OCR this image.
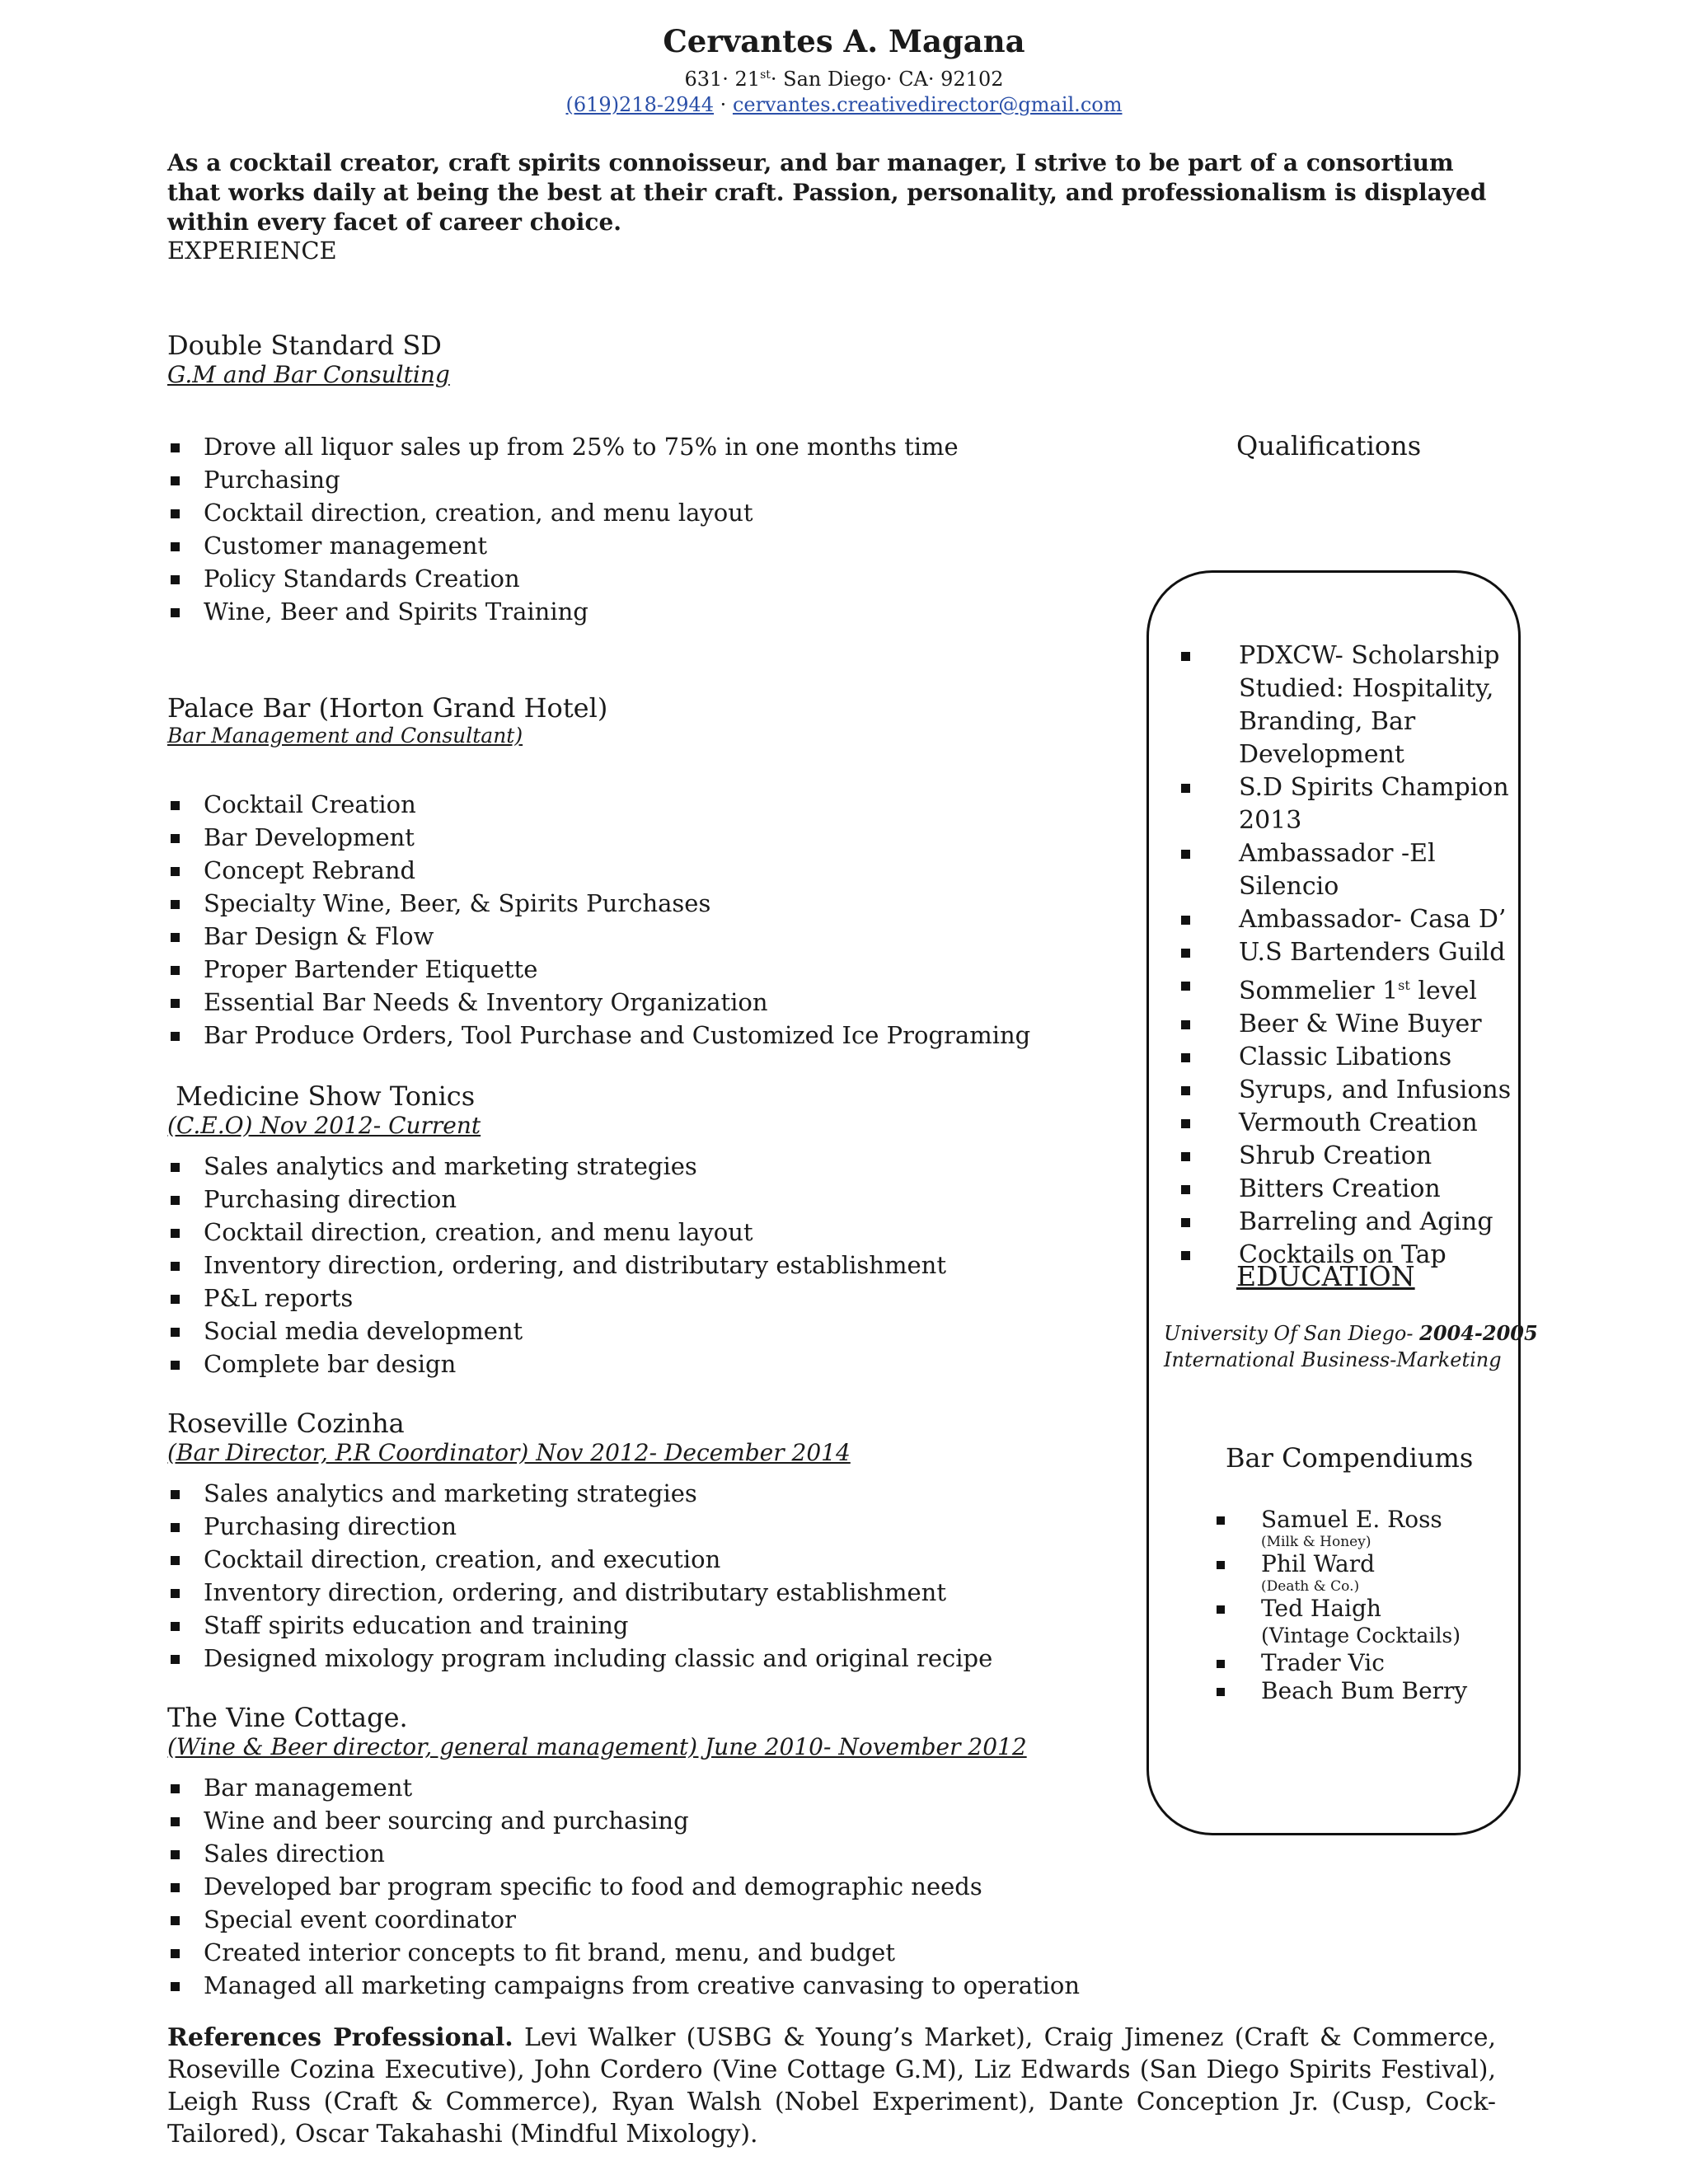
Cervantes A. Magana
631· 21st· San Diego· CA· 92102
(619)218-2944 · cervantes.creativedirector@gmail.com
As a cocktail creator, craft spirits connoisseur, and bar manager, I strive to be part of a consortium that works daily at being the best at their craft. Passion, personality, and professionalism is displayed within every facet of career choice.
EXPERIENCE
Double Standard SD
G.M and Bar Consulting
Drove all liquor sales up from 25% to 75% in one months time
Purchasing
Cocktail direction, creation, and menu layout
Customer management
Policy Standards Creation
Wine, Beer and Spirits Training
Palace Bar (Horton Grand Hotel)
Bar Management and Consultant)
Cocktail Creation
Bar Development
Concept Rebrand
Specialty Wine, Beer, & Spirits Purchases
Bar Design & Flow
Proper Bartender Etiquette
Essential Bar Needs & Inventory Organization
Bar Produce Orders, Tool Purchase and Customized Ice Programing
Medicine Show Tonics
(C.E.O) Nov 2012- Current
Sales analytics and marketing strategies
Purchasing direction
Cocktail direction, creation, and menu layout
Inventory direction, ordering, and distributary establishment
P&L reports
Social media development
Complete bar design
Roseville Cozinha
(Bar Director, P.R Coordinator) Nov 2012- December 2014
Sales analytics and marketing strategies
Purchasing direction
Cocktail direction, creation, and execution
Inventory direction, ordering, and distributary establishment
Staff spirits education and training
Designed mixology program including classic and original recipe
The Vine Cottage.
(Wine & Beer director, general management) June 2010- November 2012
Bar management
Wine and beer sourcing and purchasing
Sales direction
Developed bar program specific to food and demographic needs
Special event coordinator
Created interior concepts to fit brand, menu, and budget
Managed all marketing campaigns from creative canvasing to operation
Qualifications
PDXCW- Scholarship Studied: Hospitality, Branding, Bar Development
S.D Spirits Champion 2013
Ambassador -El Silencio
Ambassador- Casa D’
U.S Bartenders Guild
Sommelier 1st level
Beer & Wine Buyer
Classic Libations
Syrups, and Infusions
Vermouth Creation
Shrub Creation
Bitters Creation
Barreling and Aging
Cocktails on Tap
EDUCATION
University Of San Diego- 2004-2005
International Business-Marketing
Bar Compendiums
Samuel E. Ross
(Milk & Honey)
Phil Ward
(Death & Co.)
Ted Haigh
(Vintage Cocktails)
Trader Vic
Beach Bum Berry
References Professional. Levi Walker (USBG & Young’s Market), Craig Jimenez (Craft & Commerce, Roseville Cozina Executive), John Cordero (Vine Cottage G.M), Liz Edwards (San Diego Spirits Festival), Leigh Russ (Craft & Commerce), Ryan Walsh (Nobel Experiment), Dante Conception Jr. (Cusp, Cock-Tailored), Oscar Takahashi (Mindful Mixology).
